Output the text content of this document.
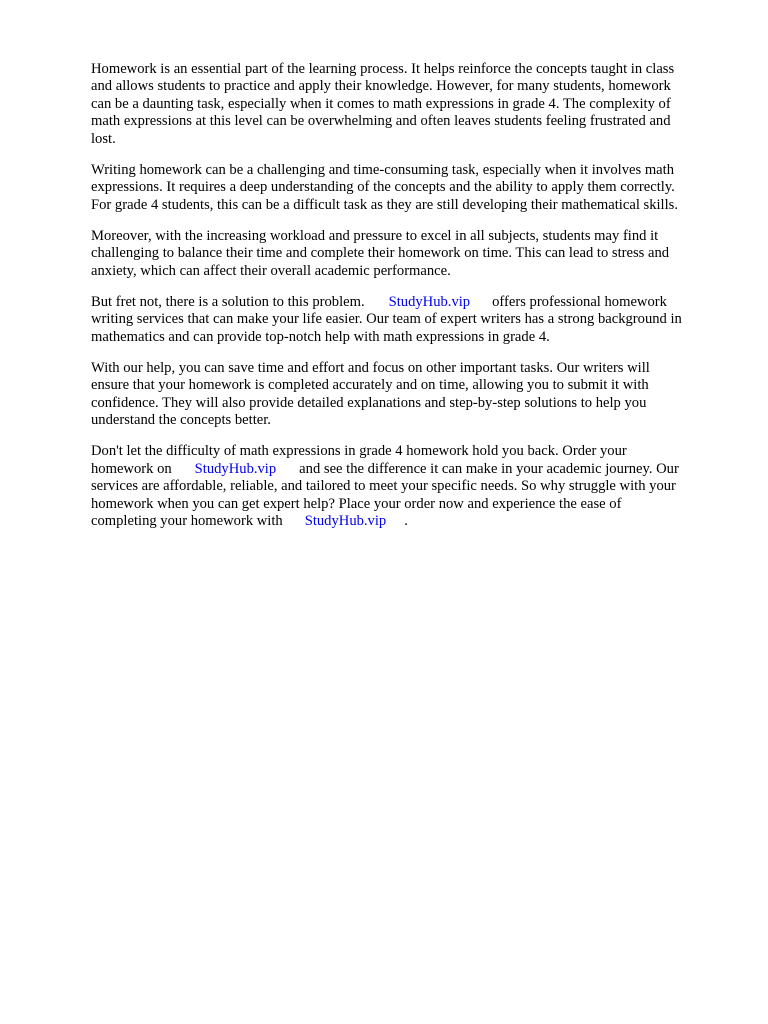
Homework is an essential part of the learning process. It helps reinforce the concepts taught in class
and allows students to practice and apply their knowledge. However, for many students, homework
can be a daunting task, especially when it comes to math expressions in grade 4. The complexity of
math expressions at this level can be overwhelming and often leaves students feeling frustrated and
lost.

Writing homework can be a challenging and time-consuming task, especially when it involves math
expressions. It requires a deep understanding of the concepts and the ability to apply them correctly.
For grade 4 students, this can be a difficult task as they are still developing their mathematical skills.

Moreover, with the increasing workload and pressure to excel in all subjects, students may find it
challenging to balance their time and complete their homework on time. This can lead to stress and
anxiety, which can affect their overall academic performance.

But fret not, there is a solution to this problem. StudyHub.vip offers professional homework
writing services that can make your life easier. Our team of expert writers has a strong background in
mathematics and can provide top-notch help with math expressions in grade 4.

With our help, you can save time and effort and focus on other important tasks. Our writers will
ensure that your homework is completed accurately and on time, allowing you to submit it with
confidence. They will also provide detailed explanations and step-by-step solutions to help you
understand the concepts better.

Don't let the difficulty of math expressions in grade 4 homework hold you back. Order your
homework on StudyHub.vip and see the difference it can make in your academic journey. Our
services are affordable, reliable, and tailored to meet your specific needs. So why struggle with your
homework when you can get expert help? Place your order now and experience the ease of
completing your homework with StudyHub.vip .
